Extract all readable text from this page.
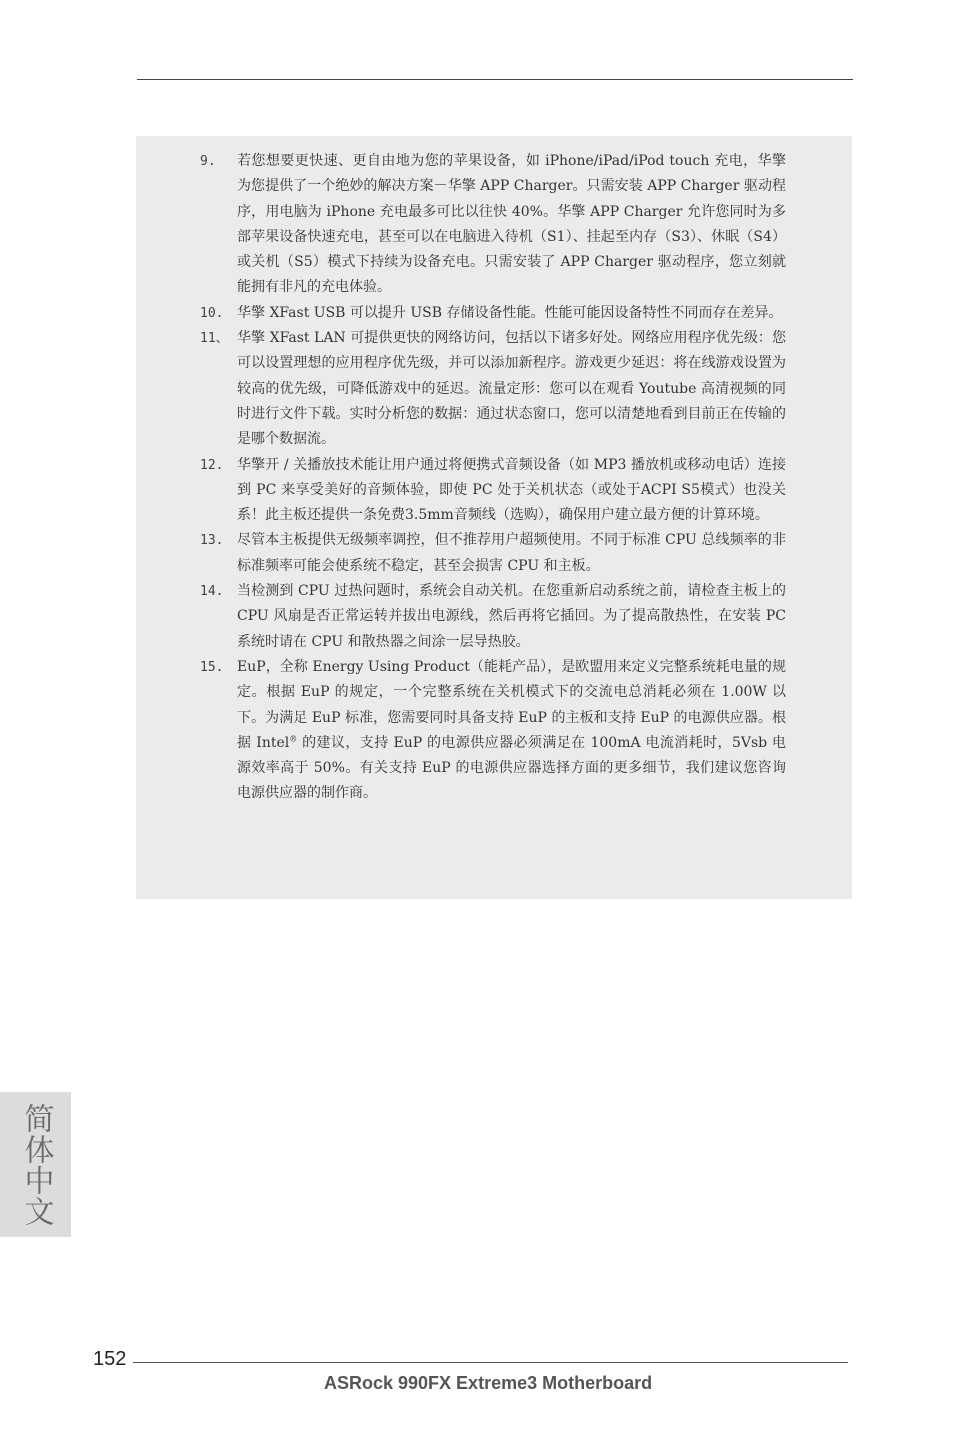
9.	若您想要更快速、更自由地为您的苹果设备，如 iPhone/iPad/iPod touch 充电，华擎为您提供了一个绝妙的解决方案－华擎 APP Charger。只需安装 APP Charger 驱动程序，用电脑为 iPhone 充电最多可比以往快 40%。华擎 APP Charger 允许您同时为多部苹果设备快速充电，甚至可以在电脑进入待机（S1）、挂起至内存（S3）、休眠（S4）或关机（S5）模式下持续为设备充电。只需安装了 APP Charger 驱动程序，您立刻就能拥有非凡的充电体验。
10. 华擎 XFast USB 可以提升 USB 存储设备性能。性能可能因设备特性不同而存在差异。
11、 华擎 XFast LAN 可提供更快的网络访问，包括以下诸多好处。网络应用程序优先级：您可以设置理想的应用程序优先级，并可以添加新程序。游戏更少延迟：将在线游戏设置为较高的优先级，可降低游戏中的延迟。流量定形：您可以在观看 Youtube 高清视频的同时进行文件下载。实时分析您的数据：通过状态窗口，您可以清楚地看到目前正在传输的是哪个数据流。
12. 华擎开 / 关播放技术能让用户通过将便携式音频设备（如 MP3 播放机或移动电话）连接到 PC 来享受美好的音频体验，即使 PC 处于关机状态（或处于ACPI S5模式）也没关系！此主板还提供一条免费3.5mm音频线（选购），确保用户建立最方便的计算环境。
13. 尽管本主板提供无级频率调控，但不推荐用户超频使用。不同于标准 CPU 总线频率的非标准频率可能会使系统不稳定，甚至会损害 CPU 和主板。
14. 当检测到 CPU 过热问题时，系统会自动关机。在您重新启动系统之前，请检查主板上的 CPU 风扇是否正常运转并拔出电源线，然后再将它插回。为了提高散热性，在安装 PC 系统时请在 CPU 和散热器之间涂一层导热胶。
15. EuP，全称 Energy Using Product（能耗产品），是欧盟用来定义完整系统耗电量的规定。根据 EuP 的规定，一个完整系统在关机模式下的交流电总消耗必须在 1.00W 以下。为满足 EuP 标准，您需要同时具备支持 EuP 的主板和支持 EuP 的电源供应器。根据 Intel® 的建议，支持 EuP 的电源供应器必须满足在 100mA 电流消耗时，5Vsb 电源效率高于 50%。有关支持 EuP 的电源供应器选择方面的更多细节，我们建议您咨询电源供应器的制作商。
简体中文
152
ASRock 990FX Extreme3 Motherboard
